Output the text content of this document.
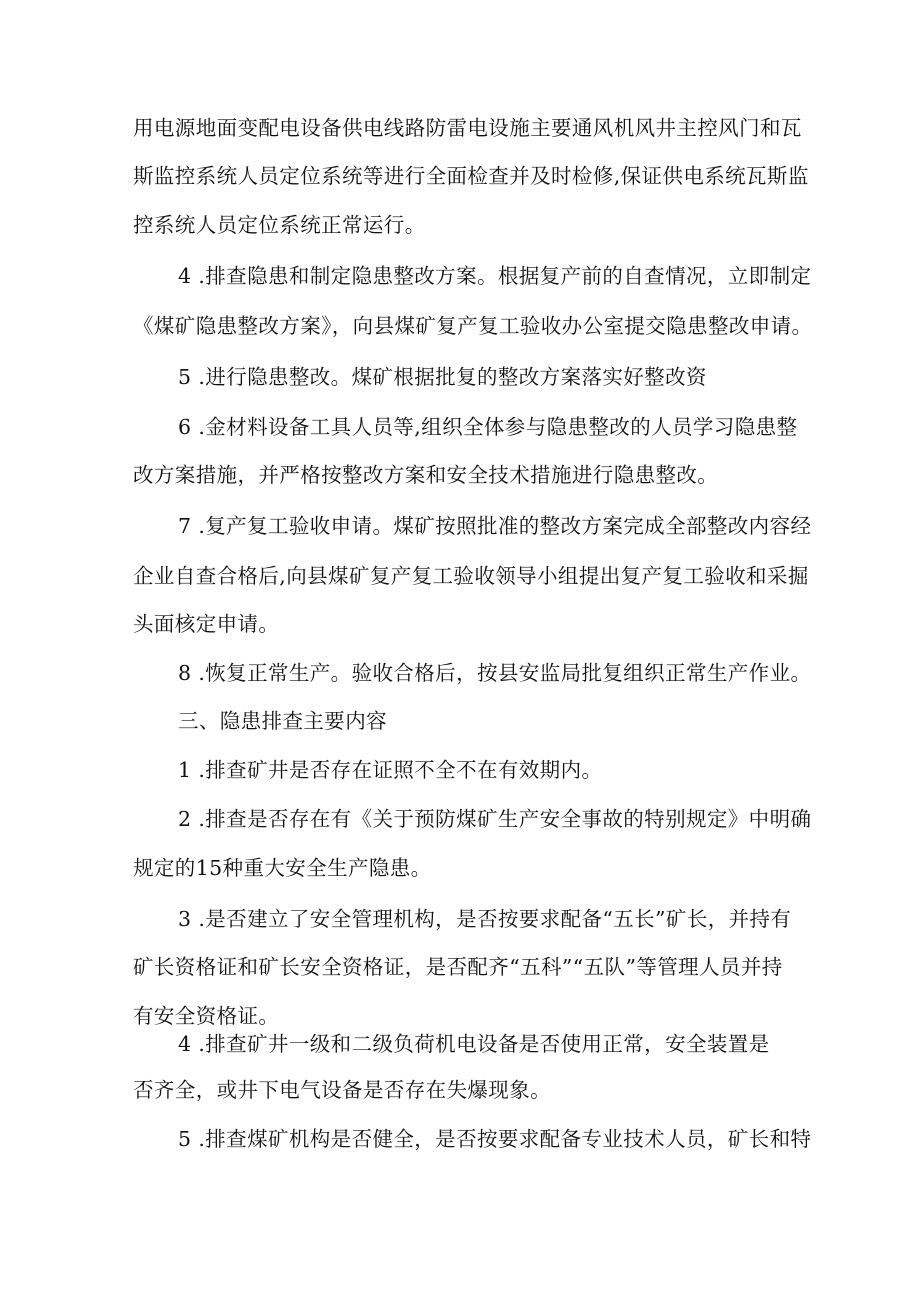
用电源地面变配电设备供电线路防雷电设施主要通风机风井主控风门和瓦
斯监控系统人员定位系统等进行全面检查并及时检修,保证供电系统瓦斯监
控系统人员定位系统正常运行。
4 .排查隐患和制定隐患整改方案。根据复产前的自查情况，立即制定
《煤矿隐患整改方案》，向县煤矿复产复工验收办公室提交隐患整改申请。
5 .进行隐患整改。煤矿根据批复的整改方案落实好整改资
6 .金材料设备工具人员等,组织全体参与隐患整改的人员学习隐患整
改方案措施，并严格按整改方案和安全技术措施进行隐患整改。
7 .复产复工验收申请。煤矿按照批准的整改方案完成全部整改内容经
企业自查合格后,向县煤矿复产复工验收领导小组提出复产复工验收和采掘
头面核定申请。
8 .恢复正常生产。验收合格后，按县安监局批复组织正常生产作业。
三、隐患排查主要内容
1 .排查矿井是否存在证照不全不在有效期内。
2 .排查是否存在有《关于预防煤矿生产安全事故的特别规定》中明确
规定的15种重大安全生产隐患。
3 .是否建立了安全管理机构，是否按要求配备“五长”矿长，并持有
矿长资格证和矿长安全资格证，是否配齐“五科”“五队”等管理人员并持
有安全资格证。
4 .排查矿井一级和二级负荷机电设备是否使用正常，安全装置是
否齐全，或井下电气设备是否存在失爆现象。
5 .排查煤矿机构是否健全，是否按要求配备专业技术人员，矿长和特
